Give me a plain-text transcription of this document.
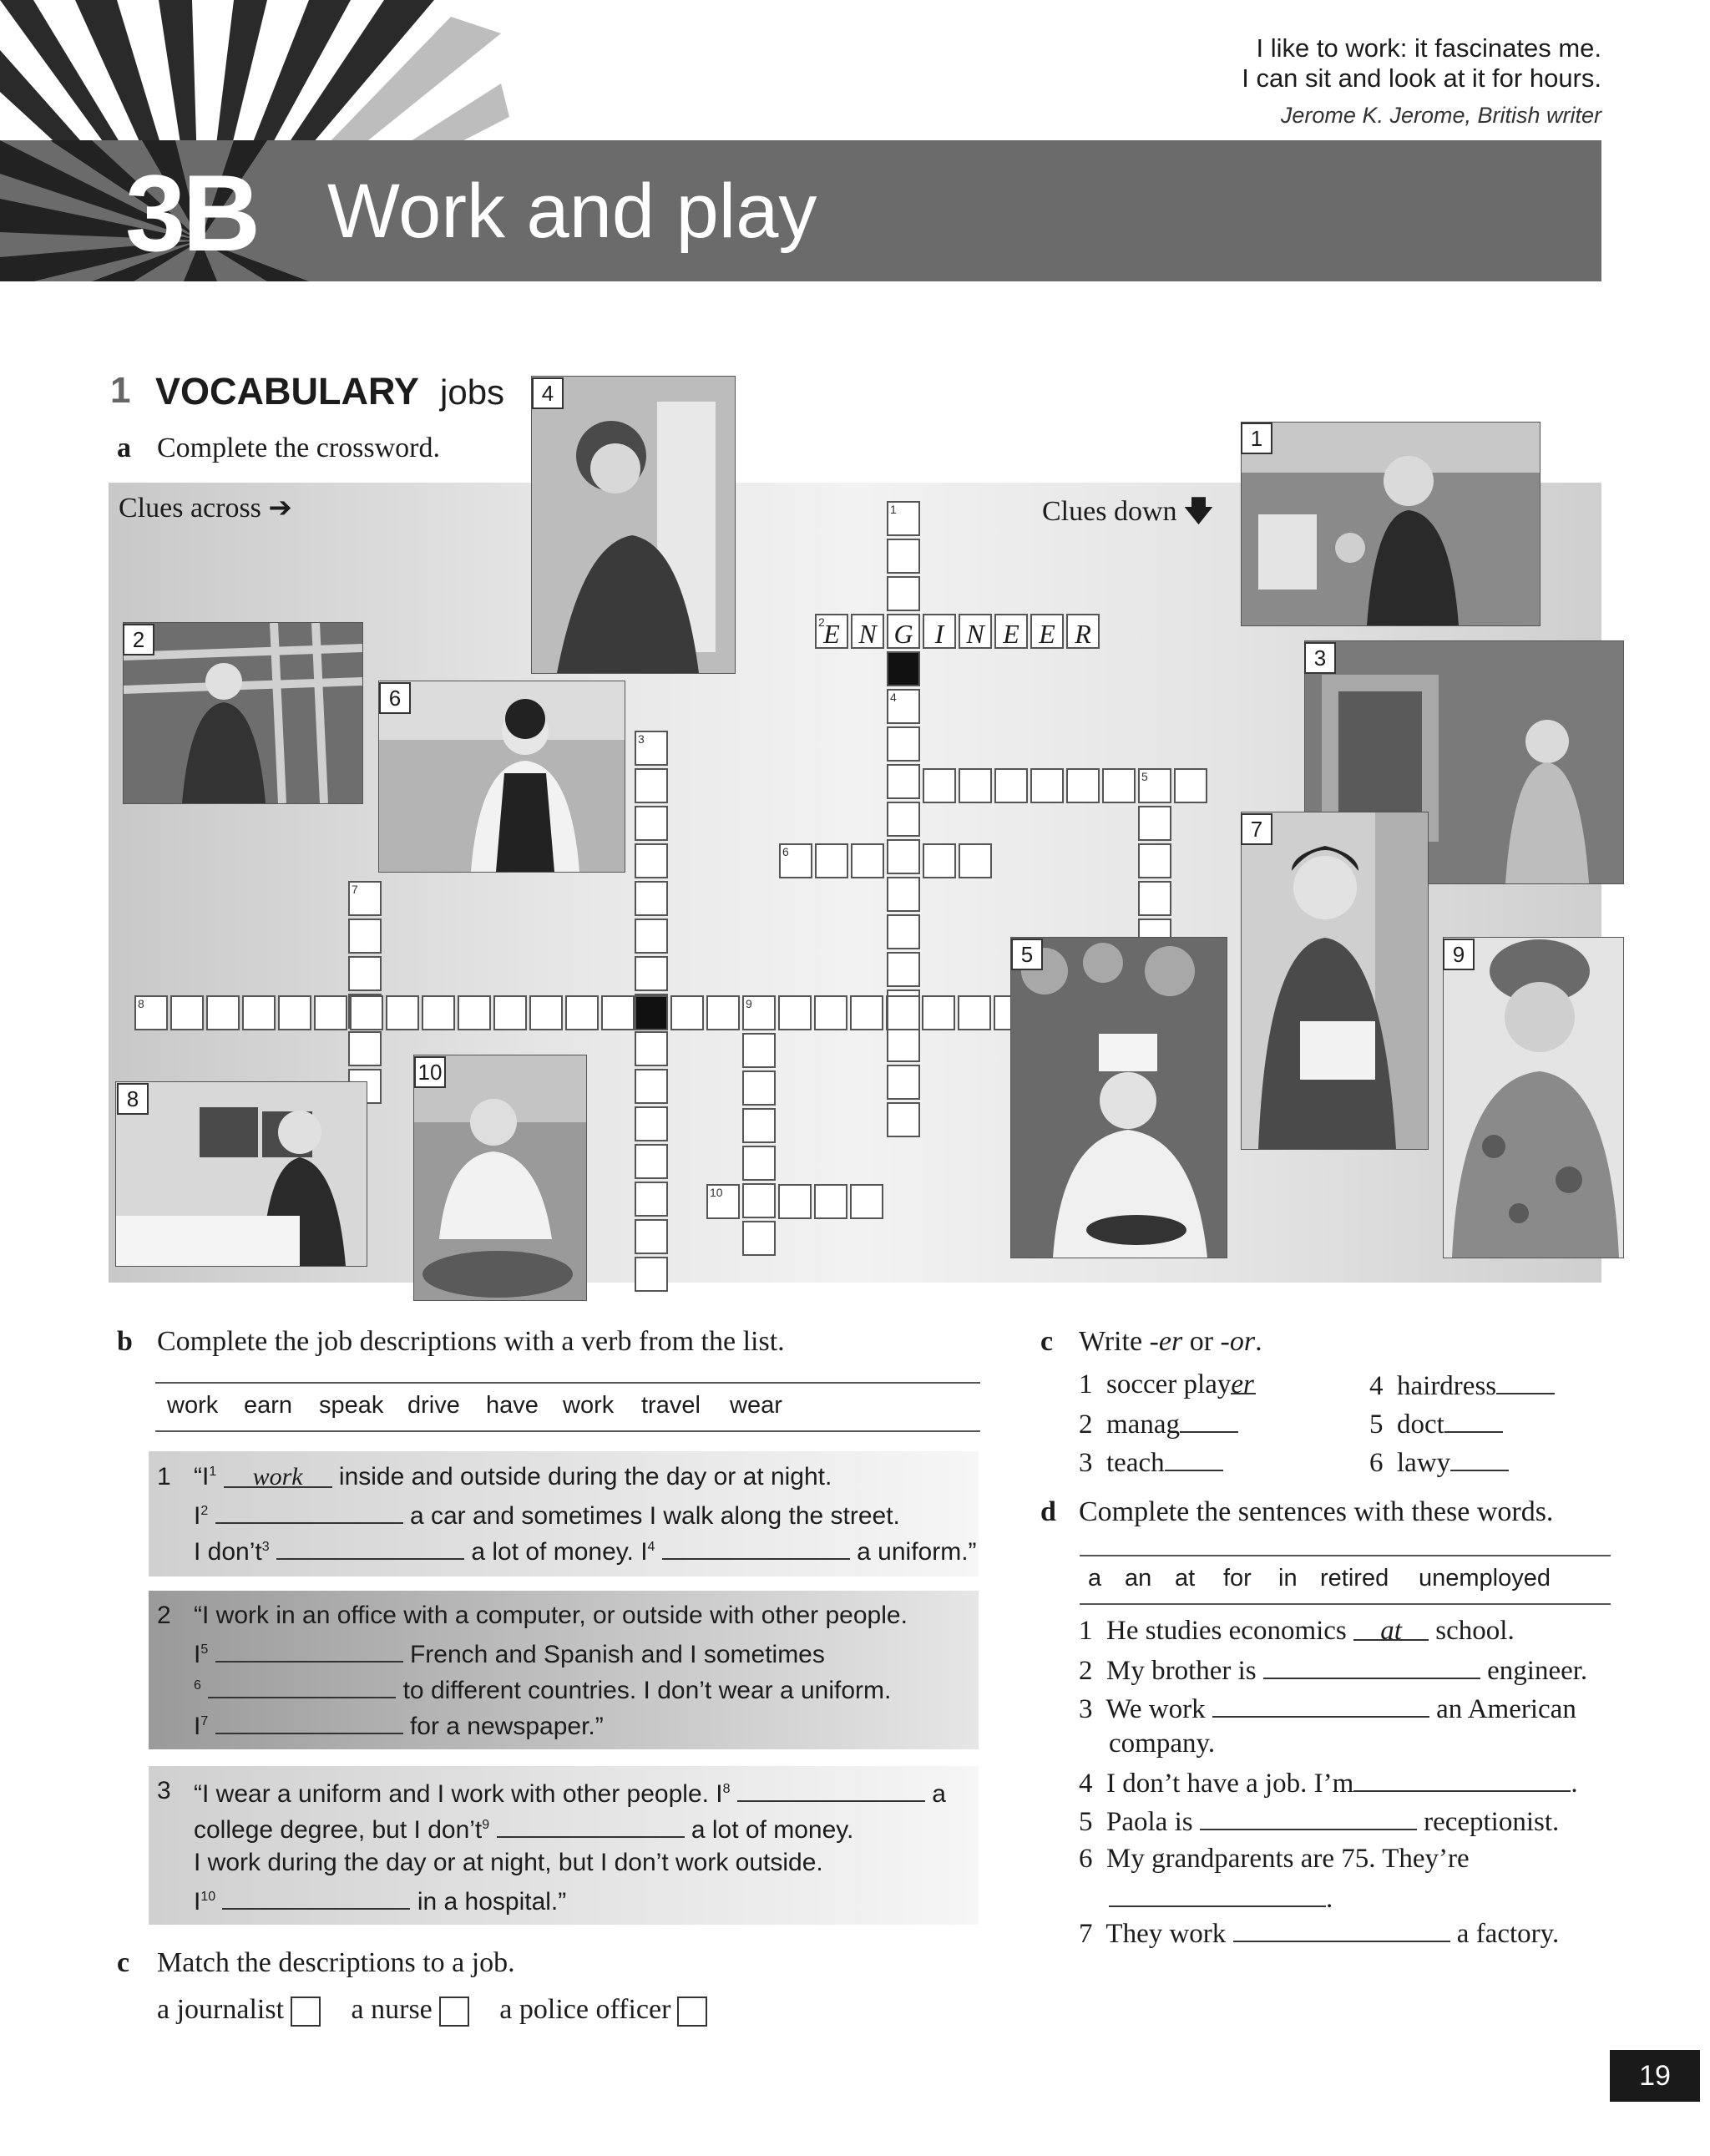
I like to work: it fascinates me.
I can sit and look at it for hours.
Jerome K. Jerome, British writer
3B Work and play
1 VOCABULARY jobs
a Complete the crossword.
Clues across ➔	Clues down 🡇
1
4
2
E N G I N E E R
5
6
3
7
8	9
10
4
1
2
3
6
7
5	9
8
10
b Complete the job descriptions with a verb from the list.
work earn speak drive have work travel wear
1 “$I^1$ work inside and outside during the day or at night.
$I^2$	a car and sometimes I walk along the street.
I $don’t^3$	a lot of money. $I^4$	a uniform.”
2 “I work in an office with a computer, or outside with other people.
$I^5$	French and Spanish and I sometimes
$^6$	to different countries. I don’t wear a uniform.
$I^7$	for a newspaper.”
3 “I wear a uniform and I work with other people. $I^8$	a
college degree, but I $don’t^9$	a lot of money.
I work during the day or at night, but I don’t work outside.
$I^{10}$	in a hospital.”
c Match the descriptions to a job.
a journalist a nurse a police officer
c Write -er or -or.
1 soccer player
2 manag
3 teach
4 hairdress
5 doct
6 lawy
d Complete the sentences with these words.
a an at for in retired unemployed
1 He studies economics at school.
2 My brother is	engineer.
3 We work	an American
company.
4 I don’t have a job. I’m	.
5 Paola is	receptionist.
6 My grandparents are 75. They’re
.
7 They work	a factory.
19
